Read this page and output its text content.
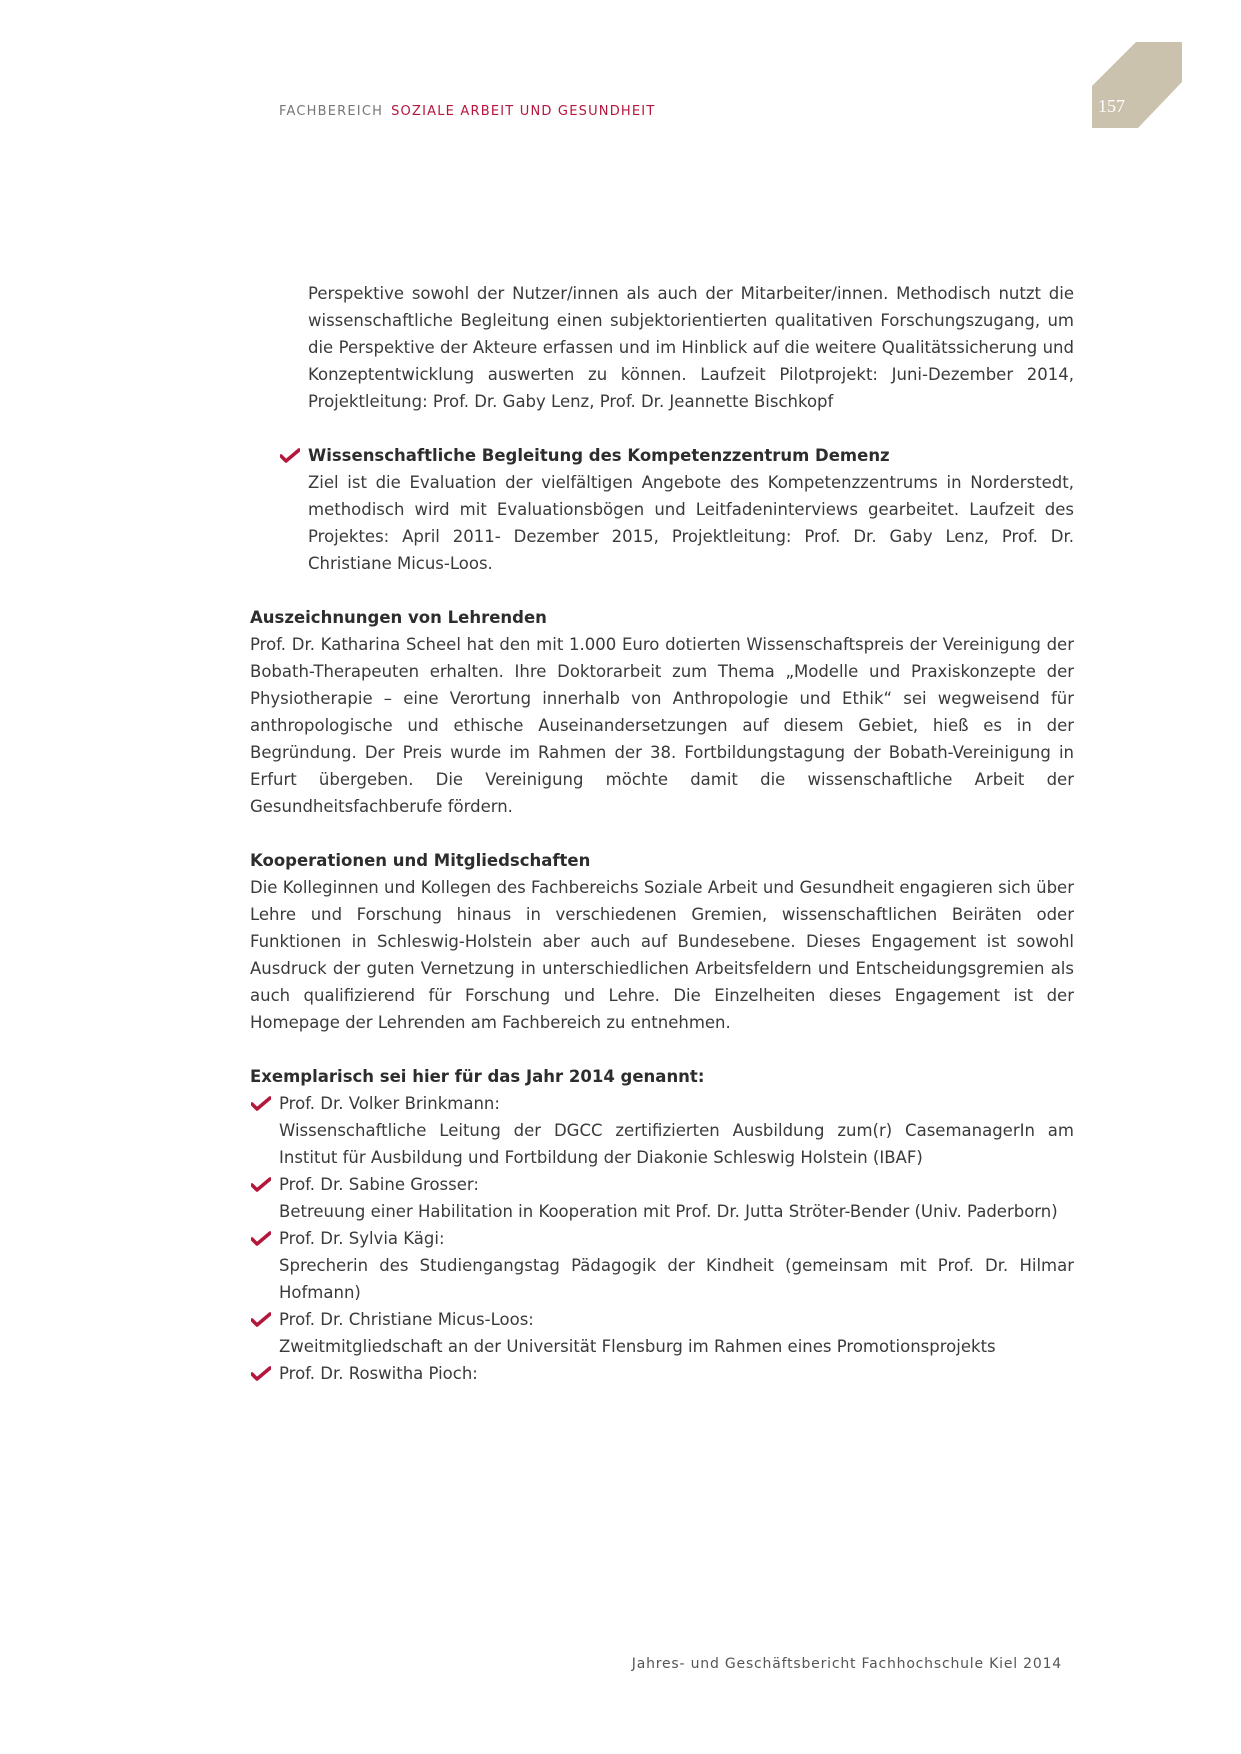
FACHBEREICH SOZIALE ARBEIT UND GESUNDHEIT	157

Perspektive sowohl der Nutzer/innen als auch der Mitarbeiter/innen. Methodisch nutzt die wissenschaftliche Begleitung einen subjektorientierten qualitativen Forschungszugang, um die Perspektive der Akteure erfassen und im Hinblick auf die weitere Qualitätssicherung und Konzeptentwicklung auswerten zu können. Laufzeit Pilotprojekt: Juni-Dezember 2014, Projektleitung: Prof. Dr. Gaby Lenz, Prof. Dr. Jeannette Bischkopf

Wissenschaftliche Begleitung des Kompetenzzentrum Demenz

Ziel ist die Evaluation der vielfältigen Angebote des Kompetenzzentrums in Norderstedt, methodisch wird mit Evaluationsbögen und Leitfadeninterviews gearbeitet. Laufzeit des Projektes: April 2011- Dezember 2015, Projektleitung: Prof. Dr. Gaby Lenz, Prof. Dr. Christiane Micus-Loos.

Auszeichnungen von Lehrenden

Prof. Dr. Katharina Scheel hat den mit 1.000 Euro dotierten Wissenschaftspreis der Vereinigung der Bobath-Therapeuten erhalten. Ihre Doktorarbeit zum Thema „Modelle und Praxiskonzepte der Physiotherapie – eine Verortung innerhalb von Anthropologie und Ethik“ sei wegweisend für anthropologische und ethische Auseinandersetzungen auf diesem Gebiet, hieß es in der Begründung. Der Preis wurde im Rahmen der 38. Fortbildungstagung der Bobath-Vereinigung in Erfurt übergeben. Die Vereinigung möchte damit die wissenschaftliche Arbeit der Gesundheitsfachberufe fördern.

Kooperationen und Mitgliedschaften

Die Kolleginnen und Kollegen des Fachbereichs Soziale Arbeit und Gesundheit engagieren sich über Lehre und Forschung hinaus in verschiedenen Gremien, wissenschaftlichen Beiräten oder Funktionen in Schleswig-Holstein aber auch auf Bundesebene. Dieses Engagement ist sowohl Ausdruck der guten Vernetzung in unterschiedlichen Arbeitsfeldern und Entscheidungsgremien als auch qualifizierend für Forschung und Lehre. Die Einzelheiten dieses Engagement ist der Homepage der Lehrenden am Fachbereich zu entnehmen.

Exemplarisch sei hier für das Jahr 2014 genannt:
Prof. Dr. Volker Brinkmann:

Wissenschaftliche Leitung der DGCC zertifizierten Ausbildung zum(r) CasemanagerIn am Institut für Ausbildung und Fortbildung der Diakonie Schleswig Holstein (IBAF)

Prof. Dr. Sabine Grosser:

Betreuung einer Habilitation in Kooperation mit Prof. Dr. Jutta Ströter-Bender (Univ. Paderborn)

Prof. Dr. Sylvia Kägi:

Sprecherin des Studiengangstag Pädagogik der Kindheit (gemeinsam mit Prof. Dr. Hilmar Hofmann)

Prof. Dr. Christiane Micus-Loos:

Zweitmitgliedschaft an der Universität Flensburg im Rahmen eines Promotionsprojekts

Prof. Dr. Roswitha Pioch:

Jahres- und Geschäftsbericht Fachhochschule Kiel 2014
